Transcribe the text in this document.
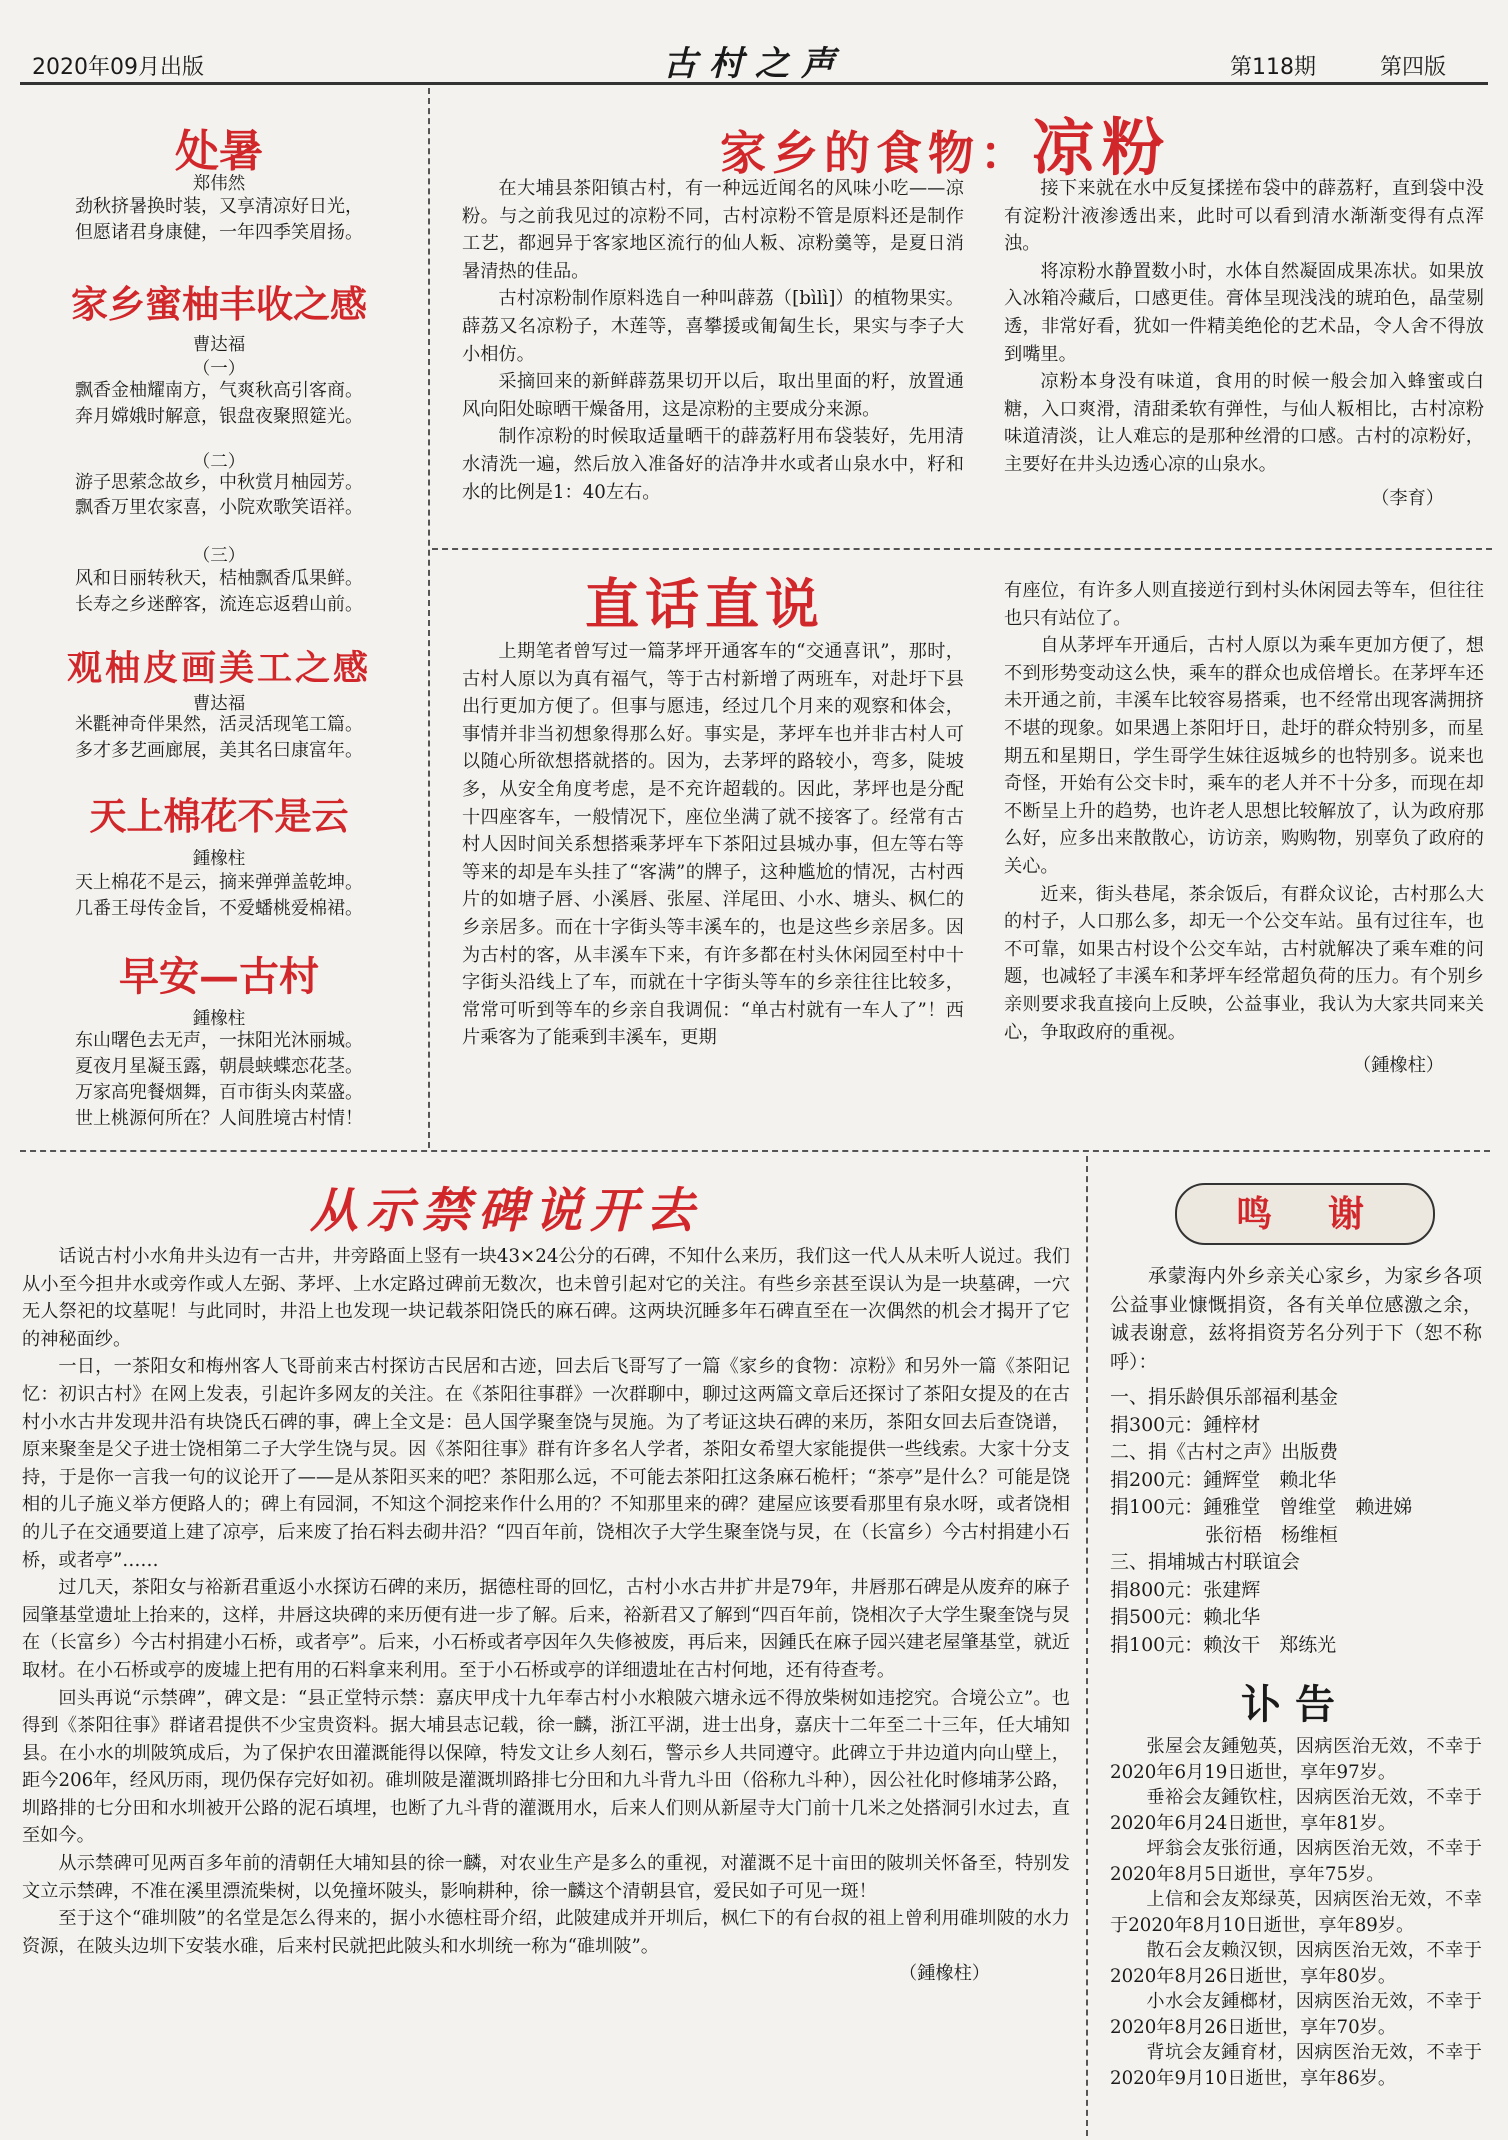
2020年09月出版	古村之声	第118期	第四版
处暑
郑伟然
劲秋挤暑换时装，又享清凉好日光，
但愿诸君身康健，一年四季笑眉扬。
家乡蜜柚丰收之感
曹达福
（一）
飘香金柚耀南方，气爽秋高引客商。
奔月嫦娥时解意，银盘夜聚照筵光。
（二）
游子思萦念故乡，中秋赏月柚园芳。
飘香万里农家喜，小院欢歌笑语祥。
（三）
风和日丽转秋天，桔柚飘香瓜果鲜。
长寿之乡迷醉客，流连忘返碧山前。
观柚皮画美工之感
曹达福
米氍神奇伴果然，活灵活现笔工篇。
多才多艺画廊展，美其名曰康富年。
天上棉花不是云
鍾橡柱
天上棉花不是云，摘来弹弹盖乾坤。
几番王母传金旨，不爱蟠桃爱棉裙。
早安—古村
鍾橡柱
东山曙色去无声，一抹阳光沐丽城。
夏夜月星凝玉露，朝晨蛱蝶恋花茎。
万家高兜餐烟舞，百市街头肉菜盛。
世上桃源何所在？人间胜境古村情！
家乡的食物：凉粉

在大埔县茶阳镇古村，有一种远近闻名的风味小吃——凉粉。与之前我见过的凉粉不同，古村凉粉不管是原料还是制作工艺，都迥异于客家地区流行的仙人粄、凉粉羹等，是夏日消暑清热的佳品。

古村凉粉制作原料选自一种叫薜荔（[bìlì]）的植物果实。薜荔又名凉粉子，木莲等，喜攀援或匍匐生长，果实与李子大小相仿。

采摘回来的新鲜薜荔果切开以后，取出里面的籽，放置通风向阳处晾晒干燥备用，这是凉粉的主要成分来源。

制作凉粉的时候取适量晒干的薜荔籽用布袋装好，先用清水清洗一遍，然后放入准备好的洁净井水或者山泉水中，籽和水的比例是1：40左右。

接下来就在水中反复揉搓布袋中的薜荔籽，直到袋中没有淀粉汁液渗透出来，此时可以看到清水渐渐变得有点浑浊。

将凉粉水静置数小时，水体自然凝固成果冻状。如果放入冰箱冷藏后，口感更佳。膏体呈现浅浅的琥珀色，晶莹剔透，非常好看，犹如一件精美绝伦的艺术品，令人舍不得放到嘴里。

凉粉本身没有味道，食用的时候一般会加入蜂蜜或白糖，入口爽滑，清甜柔软有弹性，与仙人粄相比，古村凉粉味道清淡，让人难忘的是那种丝滑的口感。古村的凉粉好，主要好在井头边透心凉的山泉水。

（李育）

直话直说

上期笔者曾写过一篇茅坪开通客车的“交通喜讯”，那时，古村人原以为真有福气，等于古村新增了两班车，对赴圩下县出行更加方便了。但事与愿违，经过几个月来的观察和体会，事情并非当初想象得那么好。事实是，茅坪车也并非古村人可以随心所欲想搭就搭的。因为，去茅坪的路较小，弯多，陡坡多，从安全角度考虑，是不充许超载的。因此，茅坪也是分配十四座客车，一般情况下，座位坐满了就不接客了。经常有古村人因时间关系想搭乘茅坪车下茶阳过县城办事，但左等右等等来的却是车头挂了“客满”的牌子，这种尴尬的情况，古村西片的如塘子唇、小溪唇、张屋、洋尾田、小水、塘头、枫仁的乡亲居多。而在十字街头等丰溪车的，也是这些乡亲居多。因为古村的客，从丰溪车下来，有许多都在村头休闲园至村中十字街头沿线上了车，而就在十字街头等车的乡亲往往比较多，常常可听到等车的乡亲自我调侃：“单古村就有一车人了”！西片乘客为了能乘到丰溪车，更期

有座位，有许多人则直接逆行到村头休闲园去等车，但往往也只有站位了。

自从茅坪车开通后，古村人原以为乘车更加方便了，想不到形势变动这么快，乘车的群众也成倍增长。在茅坪车还未开通之前，丰溪车比较容易搭乘，也不经常出现客满拥挤不堪的现象。如果遇上茶阳圩日，赴圩的群众特别多，而星期五和星期日，学生哥学生妹往返城乡的也特别多。说来也奇怪，开始有公交卡时，乘车的老人并不十分多，而现在却不断呈上升的趋势，也许老人思想比较解放了，认为政府那么好，应多出来散散心，访访亲，购购物，别辜负了政府的关心。

近来，街头巷尾，茶余饭后，有群众议论，古村那么大的村子，人口那么多，却无一个公交车站。虽有过往车，也不可靠，如果古村设个公交车站，古村就解决了乘车难的问题，也减轻了丰溪车和茅坪车经常超负荷的压力。有个别乡亲则要求我直接向上反映，公益事业，我认为大家共同来关心，争取政府的重视。

（鍾橡柱）

从示禁碑说开去

话说古村小水角井头边有一古井，井旁路面上竖有一块43×24公分的石碑，不知什么来历，我们这一代人从未听人说过。我们从小至今担井水或旁作或人左弼、茅坪、上水定路过碑前无数次，也未曾引起对它的关注。有些乡亲甚至误认为是一块墓碑，一穴无人祭祀的坟墓呢！与此同时，井沿上也发现一块记载茶阳饶氏的麻石碑。这两块沉睡多年石碑直至在一次偶然的机会才揭开了它的神秘面纱。

一日，一茶阳女和梅州客人飞哥前来古村探访古民居和古迹，回去后飞哥写了一篇《家乡的食物：凉粉》和另外一篇《茶阳记忆：初识古村》在网上发表，引起许多网友的关注。在《茶阳往事群》一次群聊中，聊过这两篇文章后还探讨了茶阳女提及的在古村小水古井发现井沿有块饶氏石碑的事，碑上全文是：邑人国学聚奎饶与炅施。为了考证这块石碑的来历，茶阳女回去后查饶谱，原来聚奎是父子进士饶相第二子大学生饶与炅。因《茶阳往事》群有许多名人学者，茶阳女希望大家能提供一些线索。大家十分支持，于是你一言我一句的议论开了——是从茶阳买来的吧？茶阳那么远，不可能去茶阳扛这条麻石桅杆；“茶亭”是什么？可能是饶相的儿子施义举方便路人的；碑上有园洞，不知这个洞挖来作什么用的？不知那里来的碑？建屋应该要看那里有泉水呀，或者饶相的儿子在交通要道上建了凉亭，后来废了抬石料去砌井沿？“四百年前，饶相次子大学生聚奎饶与炅，在（长富乡）今古村捐建小石桥，或者亭”……

过几天，茶阳女与裕新君重返小水探访石碑的来历，据德柱哥的回忆，古村小水古井扩井是79年，井唇那石碑是从废弃的麻子园肇基堂遗址上抬来的，这样，井唇这块碑的来历便有进一步了解。后来，裕新君又了解到“四百年前，饶相次子大学生聚奎饶与炅在（长富乡）今古村捐建小石桥，或者亭”。后来，小石桥或者亭因年久失修被废，再后来，因鍾氏在麻子园兴建老屋肇基堂，就近取材。在小石桥或亭的废墟上把有用的石料拿来利用。至于小石桥或亭的详细遗址在古村何地，还有待查考。

回头再说“示禁碑”，碑文是：“县正堂特示禁：嘉庆甲戌十九年奉古村小水粮陂六塘永远不得放柴树如违挖究。合境公立”。也得到《茶阳往事》群诸君提供不少宝贵资料。据大埔县志记载，徐一麟，浙江平湖，进士出身，嘉庆十二年至二十三年，任大埔知县。在小水的圳陂筑成后，为了保护农田灌溉能得以保障，特发文让乡人刻石，警示乡人共同遵守。此碑立于井边道内向山壁上，距今206年，经风历雨，现仍保存完好如初。碓圳陂是灌溉圳路排七分田和九斗背九斗田（俗称九斗种），因公社化时修埔茅公路，圳路排的七分田和水圳被开公路的泥石填埋，也断了九斗背的灌溉用水，后来人们则从新屋寺大门前十几米之处搭洞引水过去，直至如今。

从示禁碑可见两百多年前的清朝任大埔知县的徐一麟，对农业生产是多么的重视，对灌溉不足十亩田的陂圳关怀备至，特别发文立示禁碑，不准在溪里漂流柴树，以免撞坏陂头，影响耕种，徐一麟这个清朝县官，爱民如子可见一斑！

至于这个“碓圳陂”的名堂是怎么得来的，据小水德柱哥介绍，此陂建成并开圳后，枫仁下的有台叔的祖上曾利用碓圳陂的水力资源，在陂头边圳下安装水碓，后来村民就把此陂头和水圳统一称为“碓圳陂”。

（鍾橡柱）

鸣　谢

承蒙海内外乡亲关心家乡，为家乡各项公益事业慷慨捐资，各有关单位感激之余，诚表谢意，兹将捐资芳名分列于下（恕不称呼）：

一、捐乐龄俱乐部福利基金
捐300元：鍾梓材
二、捐《古村之声》出版费
捐200元：鍾辉堂　赖北华
捐100元：鍾雅堂　曾维堂　赖进娣
　　　　　张衍梧　杨维桓
三、捐埔城古村联谊会
捐800元：张建辉
捐500元：赖北华
捐100元：赖汝干　郑练光
讣告

张屋会友鍾勉英，因病医治无效，不幸于2020年6月19日逝世，享年97岁。

垂裕会友鍾钦柱，因病医治无效，不幸于2020年6月24日逝世，享年81岁。

坪翁会友张衍通，因病医治无效，不幸于2020年8月5日逝世，享年75岁。

上信和会友郑绿英，因病医治无效，不幸于2020年8月10日逝世，享年89岁。

散石会友赖汉钡，因病医治无效，不幸于2020年8月26日逝世，享年80岁。

小水会友鍾榔材，因病医治无效，不幸于2020年8月26日逝世，享年70岁。

背坑会友鍾育材，因病医治无效，不幸于2020年9月10日逝世，享年86岁。
